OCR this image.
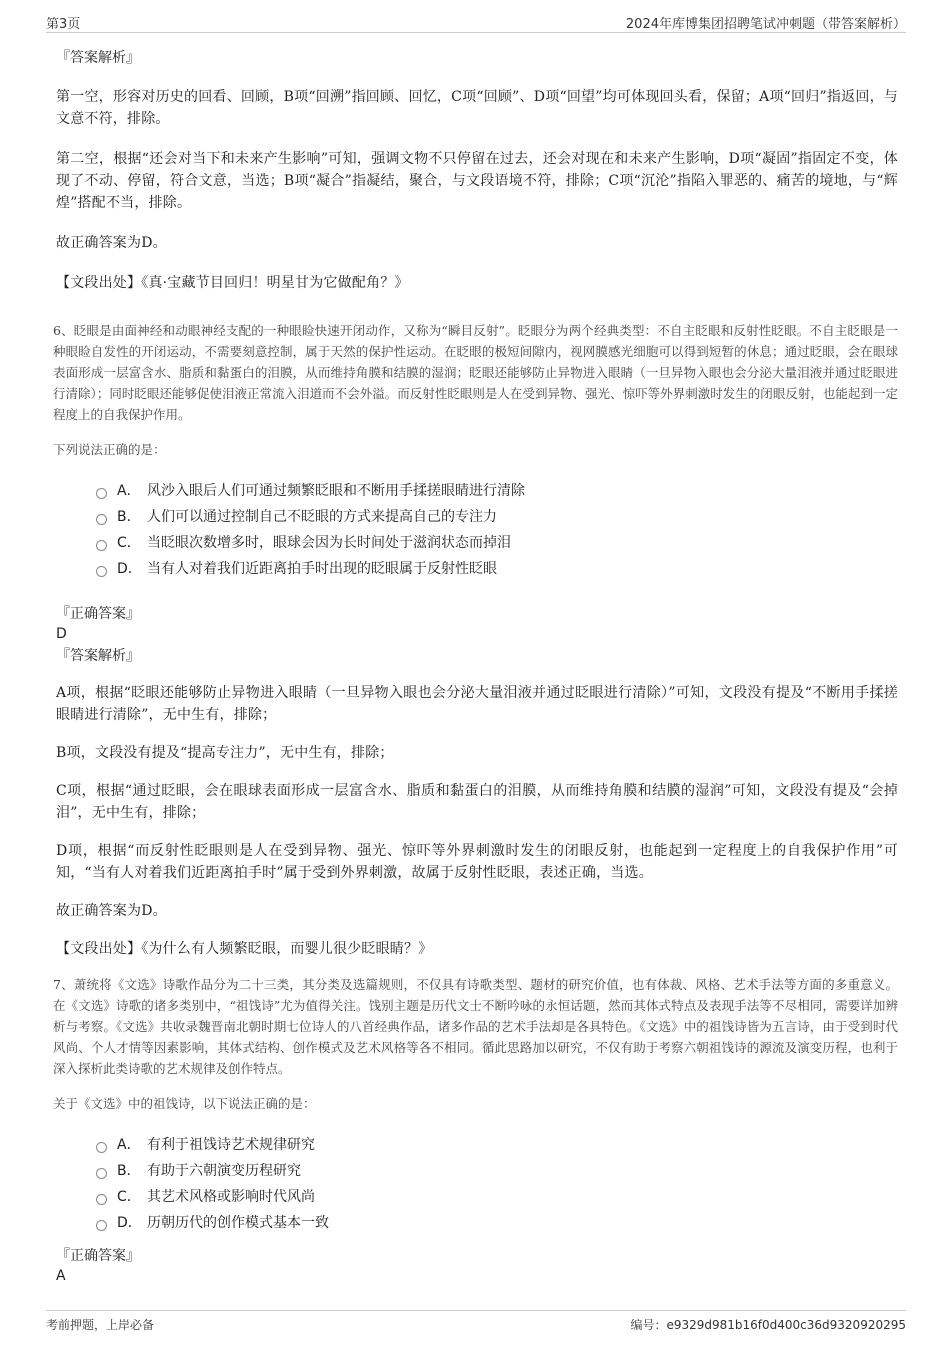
第3页	2024年库博集团招聘笔试冲刺题（带答案解析）

『答案解析』

第一空，形容对历史的回看、回顾，B项“回溯”指回顾、回忆，C项“回顾”、D项“回望”均可体现回头看，保留；A项“回归”指返回，与文意不符，排除。

第二空，根据“还会对当下和未来产生影响”可知，强调文物不只停留在过去，还会对现在和未来产生影响，D项“凝固”指固定不变，体现了不动、停留，符合文意，当选；B项“凝合”指凝结，聚合，与文段语境不符，排除；C项“沉沦”指陷入罪恶的、痛苦的境地，与“辉煌”搭配不当，排除。

故正确答案为D。

【文段出处】《真·宝藏节目回归！明星甘为它做配角？》

6、眨眼是由面神经和动眼神经支配的一种眼睑快速开闭动作，又称为“瞬目反射”。眨眼分为两个经典类型：不自主眨眼和反射性眨眼。不自主眨眼是一种眼睑自发性的开闭运动，不需要刻意控制，属于天然的保护性运动。在眨眼的极短间隙内，视网膜感光细胞可以得到短暂的休息；通过眨眼，会在眼球表面形成一层富含水、脂质和黏蛋白的泪膜，从而维持角膜和结膜的湿润；眨眼还能够防止异物进入眼睛（一旦异物入眼也会分泌大量泪液并通过眨眼进行清除）；同时眨眼还能够促使泪液正常流入泪道而不会外溢。而反射性眨眼则是人在受到异物、强光、惊吓等外界刺激时发生的闭眼反射，也能起到一定程度上的自我保护作用。

下列说法正确的是：

A． 风沙入眼后人们可通过频繁眨眼和不断用手揉搓眼睛进行清除
B． 人们可以通过控制自己不眨眼的方式来提高自己的专注力
C． 当眨眼次数增多时，眼球会因为长时间处于滋润状态而掉泪
D． 当有人对着我们近距离拍手时出现的眨眼属于反射性眨眼

『正确答案』

D

『答案解析』

A项，根据“眨眼还能够防止异物进入眼睛（一旦异物入眼也会分泌大量泪液并通过眨眼进行清除）”可知，文段没有提及“不断用手揉搓眼睛进行清除”，无中生有，排除；

B项，文段没有提及“提高专注力”，无中生有，排除；

C项，根据“通过眨眼，会在眼球表面形成一层富含水、脂质和黏蛋白的泪膜，从而维持角膜和结膜的湿润”可知，文段没有提及“会掉泪”，无中生有，排除；

D项，根据“而反射性眨眼则是人在受到异物、强光、惊吓等外界刺激时发生的闭眼反射，也能起到一定程度上的自我保护作用”可知，“当有人对着我们近距离拍手时”属于受到外界刺激，故属于反射性眨眼，表述正确，当选。

故正确答案为D。

【文段出处】《为什么有人频繁眨眼，而婴儿很少眨眼睛？》

7、萧统将《文选》诗歌作品分为二十三类，其分类及选篇规则，不仅具有诗歌类型、题材的研究价值，也有体裁、风格、艺术手法等方面的多重意义。在《文选》诗歌的诸多类别中，“祖饯诗”尤为值得关注。饯别主题是历代文士不断吟咏的永恒话题，然而其体式特点及表现手法等不尽相同，需要详加辨析与考察。《文选》共收录魏晋南北朝时期七位诗人的八首经典作品，诸多作品的艺术手法却是各具特色。《文选》中的祖饯诗皆为五言诗，由于受到时代风尚、个人才情等因素影响，其体式结构、创作模式及艺术风格等各不相同。循此思路加以研究，不仅有助于考察六朝祖饯诗的源流及演变历程，也利于深入探析此类诗歌的艺术规律及创作特点。

关于《文选》中的祖饯诗，以下说法正确的是：

A． 有利于祖饯诗艺术规律研究
B． 有助于六朝演变历程研究
C． 其艺术风格或影响时代风尚
D． 历朝历代的创作模式基本一致

『正确答案』

A

考前押题，上岸必备	编号：e9329d981b16f0d400c36d9320920295
